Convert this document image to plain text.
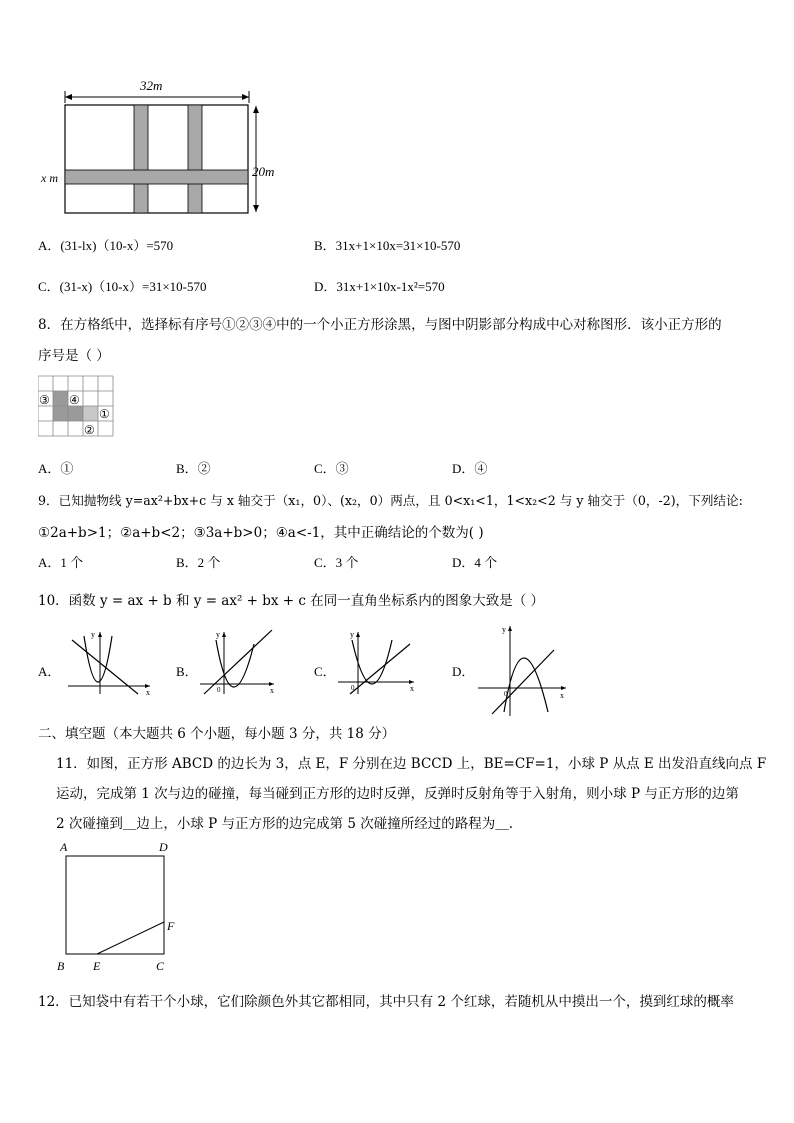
32m
20m
x m
A．(31-lx)（10-x）=570	B．31x+1×10x=31×10-570
C．(31-x)（10-x）=31×10-570	D．31x+1×10x-1x²=570
8．在方格纸中，选择标有序号①②③④中的一个小正方形涂黑，与图中阴影部分构成中心对称图形．该小正方形的
序号是（ ）
③ ④
①
②
A．①	B．②	C．③	D．④
9．已知抛物线 y=ax²+bx+c 与 x 轴交于（x₁，0）、(x₂，0）两点，且 0<x₁<1，1<x₂<2 与 y 轴交于（0，-2)，下列结论:
①2a+b>1；②a+b<2；③3a+b>0；④a<-1，其中正确结论的个数为( )
A．1 个	B．2 个	C．3 个	D．4 个
10．函数 y = ax + b 和 y = ax² + bx + c 在同一直角坐标系内的图象大致是（ ）
A．
y
x
B．
y
x
0
C．
y
x
0
D．
y
x
0
二、填空题（本大题共 6 个小题，每小题 3 分，共 18 分）
11．如图，正方形 ABCD 的边长为 3，点 E，F 分别在边 BCCD 上，BE=CF=1，小球 P 从点 E 出发沿直线向点 F
运动，完成第 1 次与边的碰撞，每当碰到正方形的边时反弹，反弹时反射角等于入射角，则小球 P 与正方形的边第
2 次碰撞到＿边上，小球 P 与正方形的边完成第 5 次碰撞所经过的路程为＿.
A	D
B E	C
F
12．已知袋中有若干个小球，它们除颜色外其它都相同，其中只有 2 个红球，若随机从中摸出一个，摸到红球的概率
